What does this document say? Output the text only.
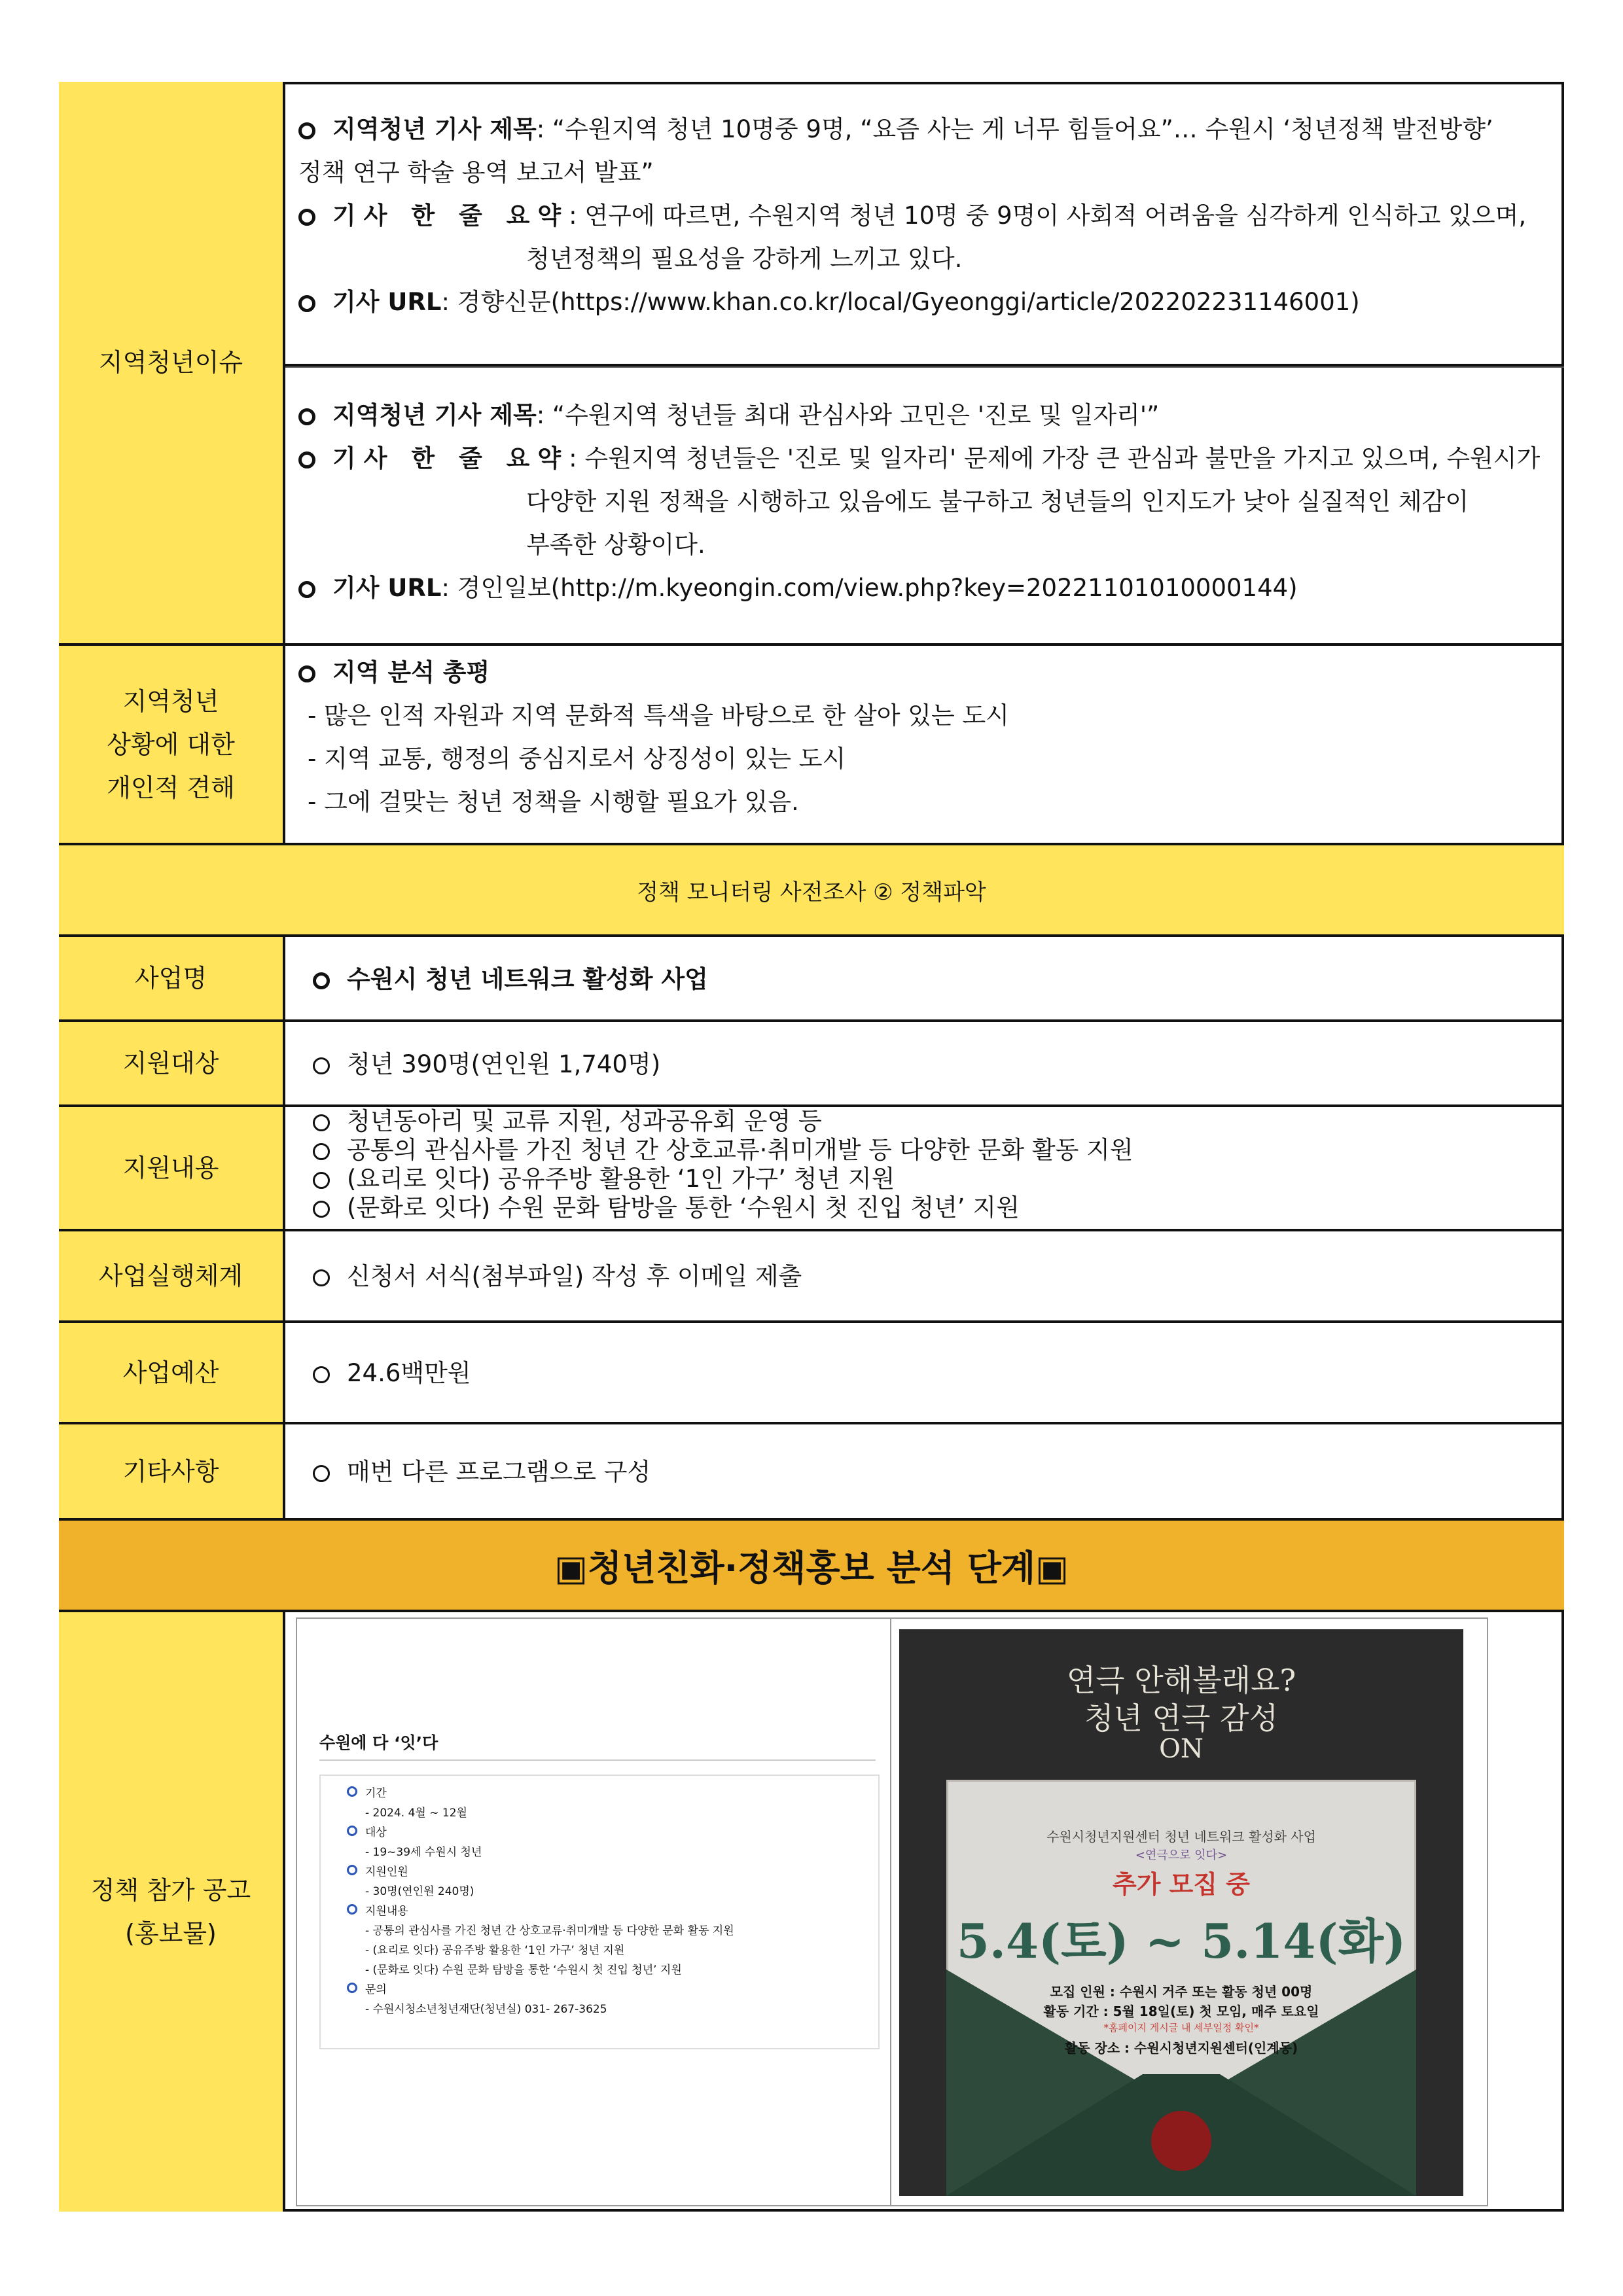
지역청년이슈
지역청년 기사 제목: “수원지역 청년 10명중 9명, “요즘 사는 게 너무 힘들어요”… 수원시 ‘청년정책 발전방향’
정책 연구 학술 용역 보고서 발표”
기사 한 줄 요약: 연구에 따르면, 수원지역 청년 10명 중 9명이 사회적 어려움을 심각하게 인식하고 있으며,
청년정책의 필요성을 강하게 느끼고 있다.
기사 URL: 경향신문(https://www.khan.co.kr/local/Gyeonggi/article/202202231146001)
지역청년 기사 제목: “수원지역 청년들 최대 관심사와 고민은 '진로 및 일자리'”
기사 한 줄 요약: 수원지역 청년들은 '진로 및 일자리' 문제에 가장 큰 관심과 불만을 가지고 있으며, 수원시가
다양한 지원 정책을 시행하고 있음에도 불구하고 청년들의 인지도가 낮아 실질적인 체감이
부족한 상황이다.
기사 URL: 경인일보(http://m.kyeongin.com/view.php?key=20221101010000144)
지역청년
상황에 대한
개인적 견해
지역 분석 총평
- 많은 인적 자원과 지역 문화적 특색을 바탕으로 한 살아 있는 도시
- 지역 교통, 행정의 중심지로서 상징성이 있는 도시
- 그에 걸맞는 청년 정책을 시행할 필요가 있음.
정책 모니터링 사전조사 ② 정책파악
사업명	수원시 청년 네트워크 활성화 사업
지원대상	청년 390명(연인원 1,740명)
지원내용
청년동아리 및 교류 지원, 성과공유회 운영 등
공통의 관심사를 가진 청년 간 상호교류·취미개발 등 다양한 문화 활동 지원
(요리로 잇다) 공유주방 활용한 ‘1인 가구’ 청년 지원
(문화로 잇다) 수원 문화 탐방을 통한 ‘수원시 첫 진입 청년’ 지원
사업실행체계	신청서 서식(첨부파일) 작성 후 이메일 제출
사업예산	24.6백만원
기타사항	매번 다른 프로그램으로 구성
▣청년친화·정책홍보 분석 단계▣
정책 참가 공고
(홍보물)
수원에 다 ‘잇’다
기간
- 2024. 4월 ~ 12월
대상
- 19~39세 수원시 청년
지원인원
- 30명(연인원 240명)
지원내용
- 공통의 관심사를 가진 청년 간 상호교류·취미개발 등 다양한 문화 활동 지원
- (요리로 잇다) 공유주방 활용한 ‘1인 가구’ 청년 지원
- (문화로 잇다) 수원 문화 탐방을 통한 ‘수원시 첫 진입 청년’ 지원
문의
- 수원시청소년청년재단(청년실) 031- 267-3625
연극 안해볼래요?
청년 연극 감성
ON
수원시청년지원센터 청년 네트워크 활성화 사업
<연극으로 잇다>
추가 모집 중
5.4(토) ~ 5.14(화)
모집 인원 : 수원시 거주 또는 활동 청년 00명
활동 기간 : 5월 18일(토) 첫 모임, 매주 토요일
*홈페이지 게시글 내 세부일정 확인*
활동 장소 : 수원시청년지원센터(인계동)
